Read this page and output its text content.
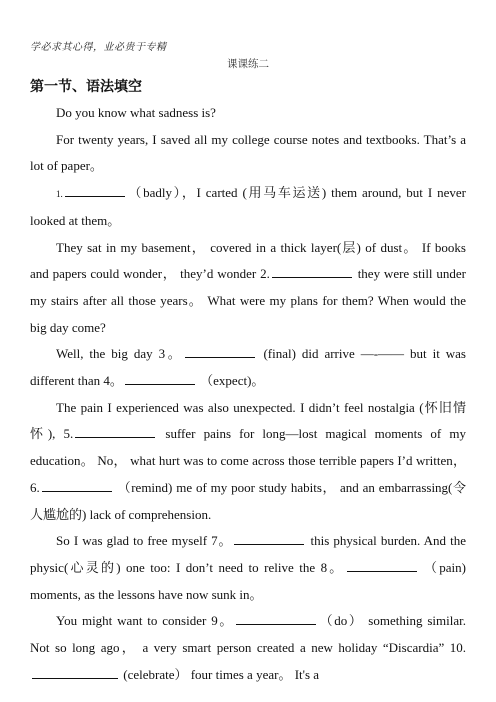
学必求其心得，业必贵于专精
课课练二
第一节、语法填空

Do you know what sadness is?

For twenty years, I saved all my college course notes and textbooks. That’s a lot of paper。

1.	（badly），I carted (用马车运送) them around, but I never looked at them。

They sat in my basement， covered in a thick layer(层) of dust。 If books and papers could wonder， they’d wonder 2.	they were still under my stairs after all those years。 What were my plans for them? When would the big day come?

Well, the big day 3。	(final) did arrive —-—— but it was different than 4。	（expect)。

The pain I experienced was also unexpected. I didn’t feel nostalgia (怀旧情怀), 5.	suffer pains for long—lost magical moments of my education。 No， what hurt was to come across those terrible papers I’d written， 6.	（remind) me of my poor study habits， and an embarrassing(令人尴尬的) lack of comprehension.

So I was glad to free myself 7。	this physical burden. And the physic(心灵的) one too: I don’t need to relive the 8。	（pain) moments, as the lessons have now sunk in。

You might want to consider 9。	（do） something similar. Not so long ago， a very smart person created a new holiday “Discardia” 10. (celebrate） four times a year。 It's a
